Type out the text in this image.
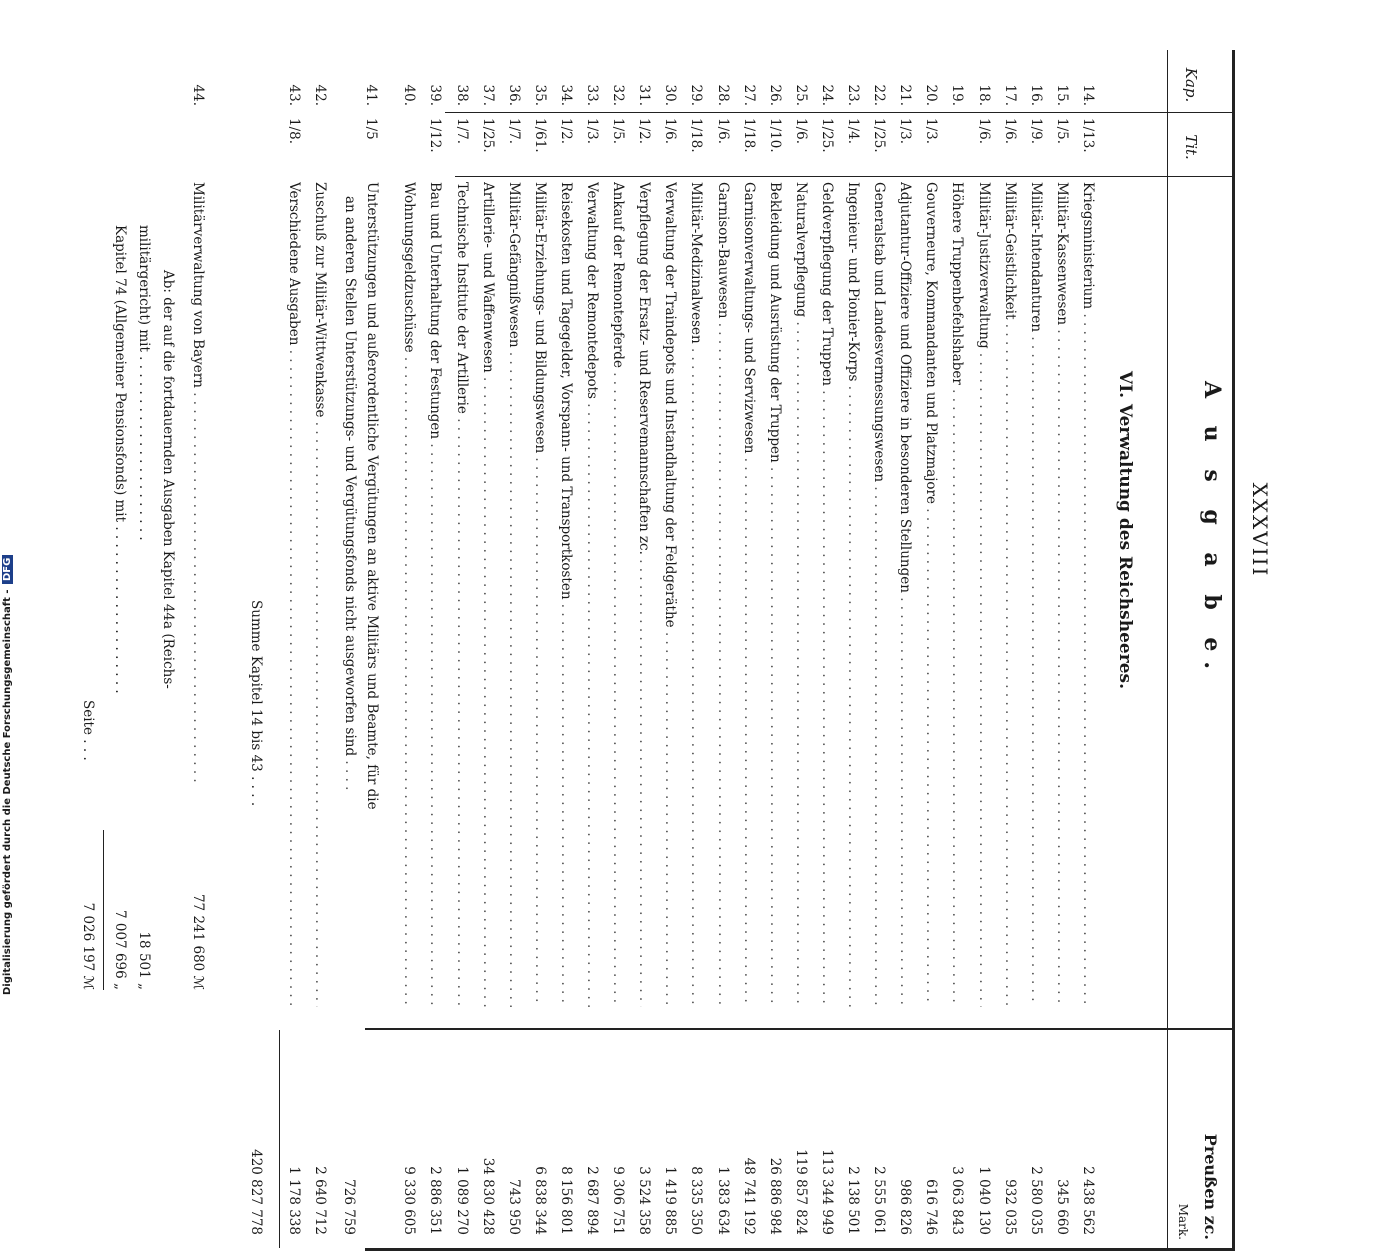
XXXVIII
Kap.
Tit.
A u s g a b e.
Preußen zc.
Mark.
VI. Verwaltung des Reichsheeres.
14.
1/13.
Kriegsministerium . . .
2 438 562
15.
1/5.
Militär-Kassenwesen . . .
345 660
16.
1/9.
Militär-Intendanturen . . .
2 580 035
17.
1/6.
Militär-Geistlichkeit . . .
932 035
18.
1/6.
Militär-Justizverwaltung . . .
1 040 130
19.
Höhere Truppenbefehlshaber . . .
3 063 843
20.
1/3.
Gouverneure, Kommandanten und Platzmajore . . .
616 746
21.
1/3.
Adjutantur-Offiziere und Offiziere in besonderen Stellungen . . .
986 826
22.
1/25.
Generalstab und Landesvermessungswesen . . .
2 555 061
23.
1/4.
Ingenieur- und Pionier-Korps . . .
2 138 501
24.
1/25.
Geldverpflegung der Truppen . . .
113 344 949
25.
1/6.
Naturalverpflegung . . .
119 857 824
26.
1/10.
Bekleidung und Ausrüstung der Truppen . . .
26 886 984
27.
1/18.
Garnisonverwaltungs- und Servizwesen . . .
48 741 192
28.
1/6.
Garnison-Bauwesen . . .
1 383 634
29.
1/18.
Militär-Medizinalwesen . . .
8 335 350
30.
1/6.
Verwaltung der Traindepots und Instandhaltung der Feldgeräthe . . .
1 419 885
31.
1/2.
Verpflegung der Ersatz- und Reservemannschaften zc. . . .
3 524 358
32.
1/5.
Ankauf der Remontepferde . . .
9 306 751
33.
1/3.
Verwaltung der Remontedepots . . .
2 687 894
34.
1/2.
Reisekosten und Tagegelder, Vorspann- und Transportkosten . . .
8 156 801
35.
1/61.
Militär-Erziehungs- und Bildungswesen . . .
6 838 344
36.
1/7.
Militär-Gefängnißwesen . . .
743 950
37.
1/25.
Artillerie- und Waffenwesen . . .
34 830 428
38.
1/7.
Technische Institute der Artillerie . . .
1 089 270
39.
1/12.
Bau und Unterhaltung der Festungen . . .
2 886 351
40.
Wohnungsgeldzuschüsse . . .
9 330 605
41.
1/5
Unterstützungen und außerordentliche Vergütungen an aktive Militärs und Beamte, für die
an anderen Stellen Unterstützungs- und Vergütungsfonds nicht ausgeworfen sind . . . .
726 759
42.
Zuschuß zur Militär-Wittwenkasse . . .
2 640 712
43.
1/8.
Verschiedene Ausgaben . . .
1 178 338
Summe Kapitel 14 bis 43 . . . .
420 827 778
44.
Militärverwaltung von Bayern . . .
77 241 680 ℳ
Ab: der auf die fortdauernden Ausgaben Kapitel 44a (Reichs-
militärgericht) mit . . . . . . . . . . . . . . . . . . . . . .
18 501 „
Kapitel 74 (Allgemeiner Pensionsfonds) mit . . . . . . . . . . . . . . . . . . . .
7 007 696 „
Seite . . .
7 026 197 ℳ
Digitalisierung gefördert durch die Deutsche Forschungsgemeinschaft - DFG
